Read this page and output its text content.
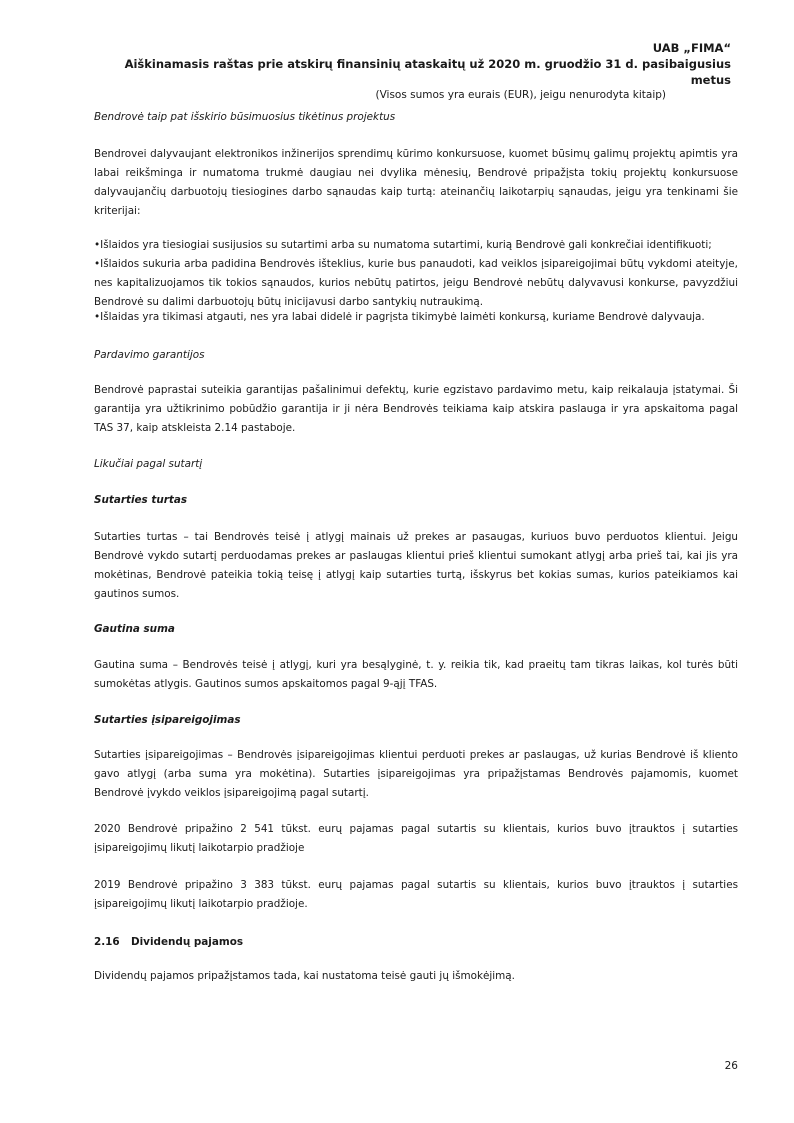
UAB „FIMA“
Aiškinamasis raštas prie atskirų finansinių ataskaitų už 2020 m. gruodžio 31 d. pasibaigusius metus
(Visos sumos yra eurais (EUR), jeigu nenurodyta kitaip)

Bendrovė taip pat išskirio būsimuosius tikėtinus projektus

Bendrovei dalyvaujant elektronikos inžinerijos sprendimų kūrimo konkursuose, kuomet būsimų galimų projektų apimtis yra labai reikšminga ir numatoma trukmė daugiau nei dvylika mėnesių, Bendrovė pripažįsta tokių projektų konkursuose dalyvaujančių darbuotojų tiesiogines darbo sąnaudas kaip turtą: ateinančių laikotarpių sąnaudas, jeigu yra tenkinami šie kriterijai:

•Išlaidos yra tiesiogiai susijusios su sutartimi arba su numatoma sutartimi, kurią Bendrovė gali konkrečiai identifikuoti;

•Išlaidos sukuria arba padidina Bendrovės išteklius, kurie bus panaudoti, kad veiklos įsipareigojimai būtų vykdomi ateityje, nes kapitalizuojamos tik tokios sąnaudos, kurios nebūtų patirtos, jeigu Bendrovė nebūtų dalyvavusi konkurse, pavyzdžiui Bendrovė su dalimi darbuotojų būtų inicijavusi darbo santykių nutraukimą.

•Išlaidas yra tikimasi atgauti, nes yra labai didelė ir pagrįsta tikimybė laimėti konkursą, kuriame Bendrovė dalyvauja.

Pardavimo garantijos

Bendrovė paprastai suteikia garantijas pašalinimui defektų, kurie egzistavo pardavimo metu, kaip reikalauja įstatymai. Ši garantija yra užtikrinimo pobūdžio garantija ir ji nėra Bendrovės teikiama kaip atskira paslauga ir yra apskaitoma pagal TAS 37, kaip atskleista 2.14 pastaboje.

Likučiai pagal sutartį

Sutarties turtas

Sutarties turtas – tai Bendrovės teisė į atlygį mainais už prekes ar pasaugas, kuriuos buvo perduotos klientui. Jeigu Bendrovė vykdo sutartį perduodamas prekes ar paslaugas klientui prieš klientui sumokant atlygį arba prieš tai, kai jis yra mokėtinas, Bendrovė pateikia tokią teisę į atlygį kaip sutarties turtą, išskyrus bet kokias sumas, kurios pateikiamos kai gautinos sumos.

Gautina suma

Gautina suma – Bendrovės teisė į atlygį, kuri yra besąlyginė, t. y. reikia tik, kad praeitų tam tikras laikas, kol turės būti sumokėtas atlygis. Gautinos sumos apskaitomos pagal 9-ąjį TFAS.

Sutarties įsipareigojimas

Sutarties įsipareigojimas – Bendrovės įsipareigojimas klientui perduoti prekes ar paslaugas, už kurias Bendrovė iš kliento gavo atlygį (arba suma yra mokėtina). Sutarties įsipareigojimas yra pripažįstamas Bendrovės pajamomis, kuomet Bendrovė įvykdo veiklos įsipareigojimą pagal sutartį.

2020 Bendrovė pripažino 2 541 tūkst. eurų pajamas pagal sutartis su klientais, kurios buvo įtrauktos į sutarties įsipareigojimų likutį laikotarpio pradžioje

2019 Bendrovė pripažino 3 383 tūkst. eurų pajamas pagal sutartis su klientais, kurios buvo įtrauktos į sutarties įsipareigojimų likutį laikotarpio pradžioje.

2.16 Dividendų pajamos

Dividendų pajamos pripažįstamos tada, kai nustatoma teisė gauti jų išmokėjimą.

26
